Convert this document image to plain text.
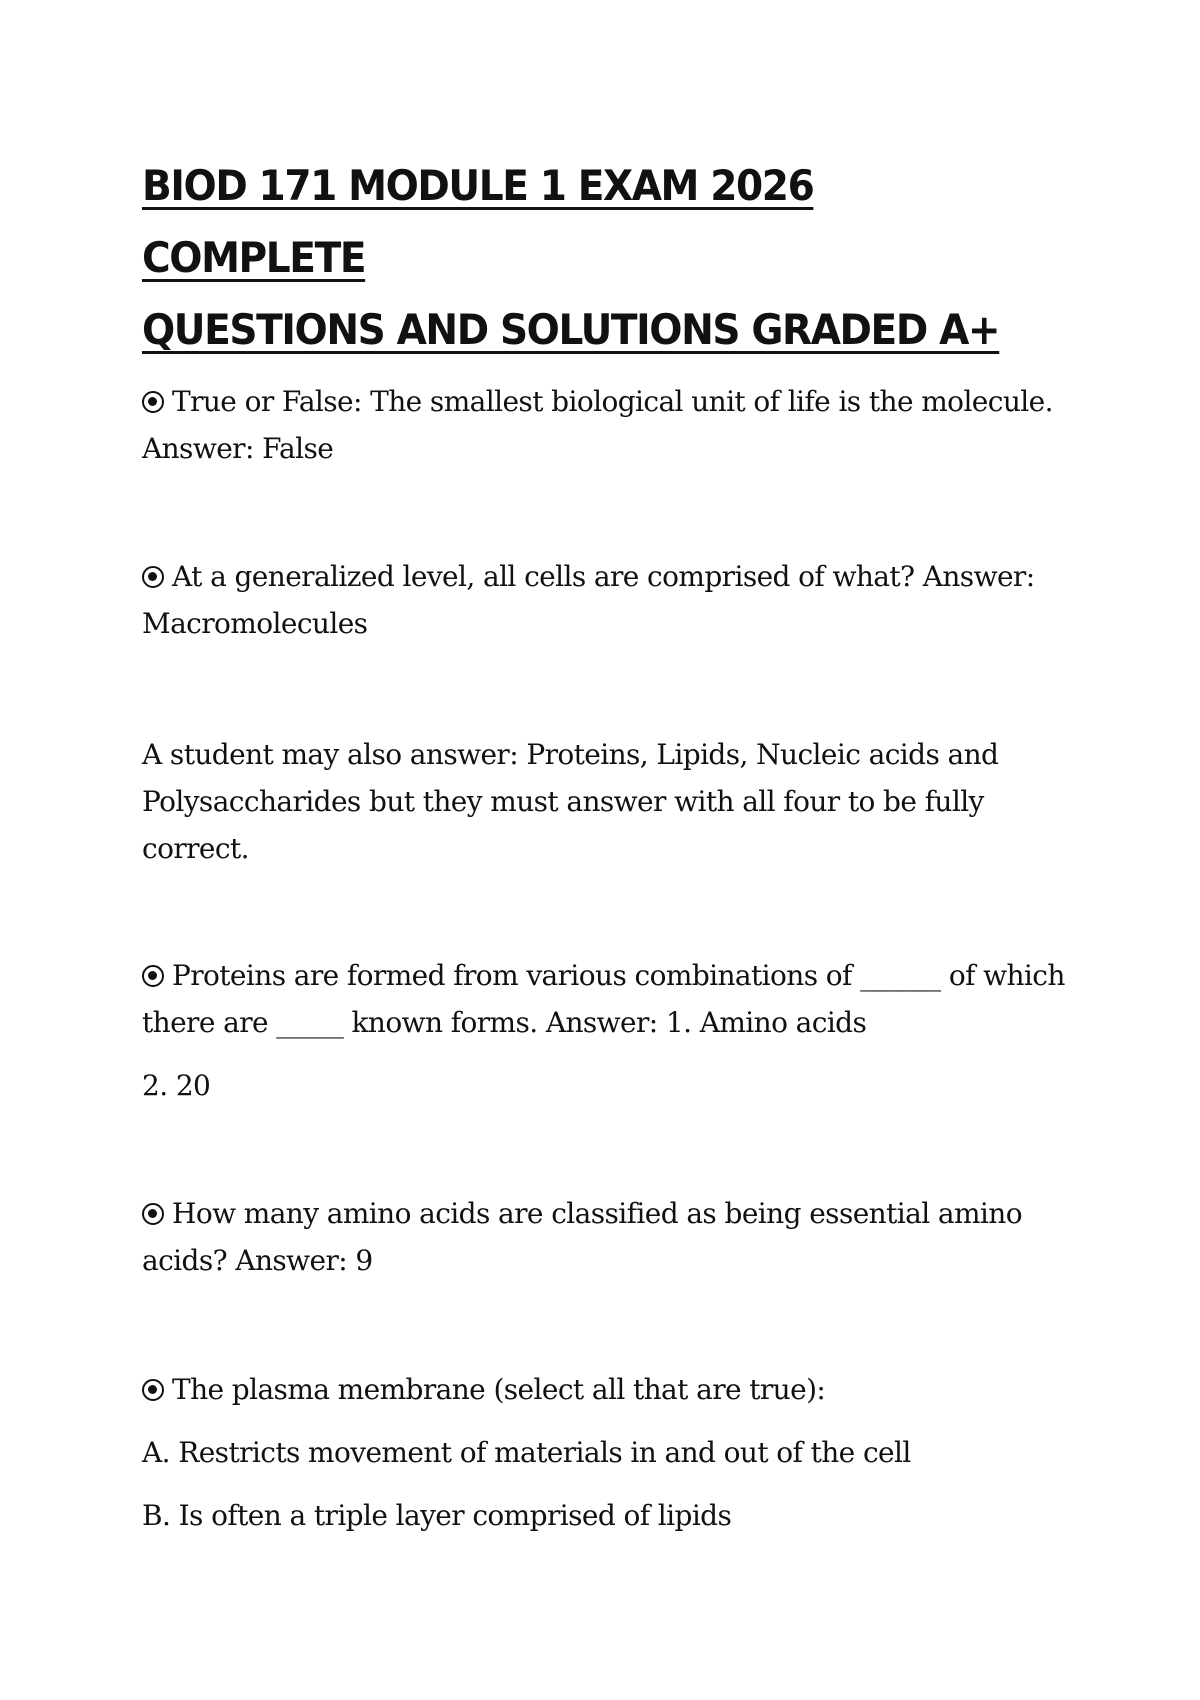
BIOD 171 MODULE 1 EXAM 2026 COMPLETE
QUESTIONS AND SOLUTIONS GRADED A+
True or False: The smallest biological unit of life is the molecule.
Answer: False
At a generalized level, all cells are comprised of what? Answer:
Macromolecules
A student may also answer: Proteins, Lipids, Nucleic acids and
Polysaccharides but they must answer with all four to be fully
correct.
Proteins are formed from various combinations of ______ of which
there are _____ known forms. Answer: 1. Amino acids
2. 20
How many amino acids are classified as being essential amino
acids? Answer: 9
The plasma membrane (select all that are true):
A. Restricts movement of materials in and out of the cell
B. Is often a triple layer comprised of lipids
